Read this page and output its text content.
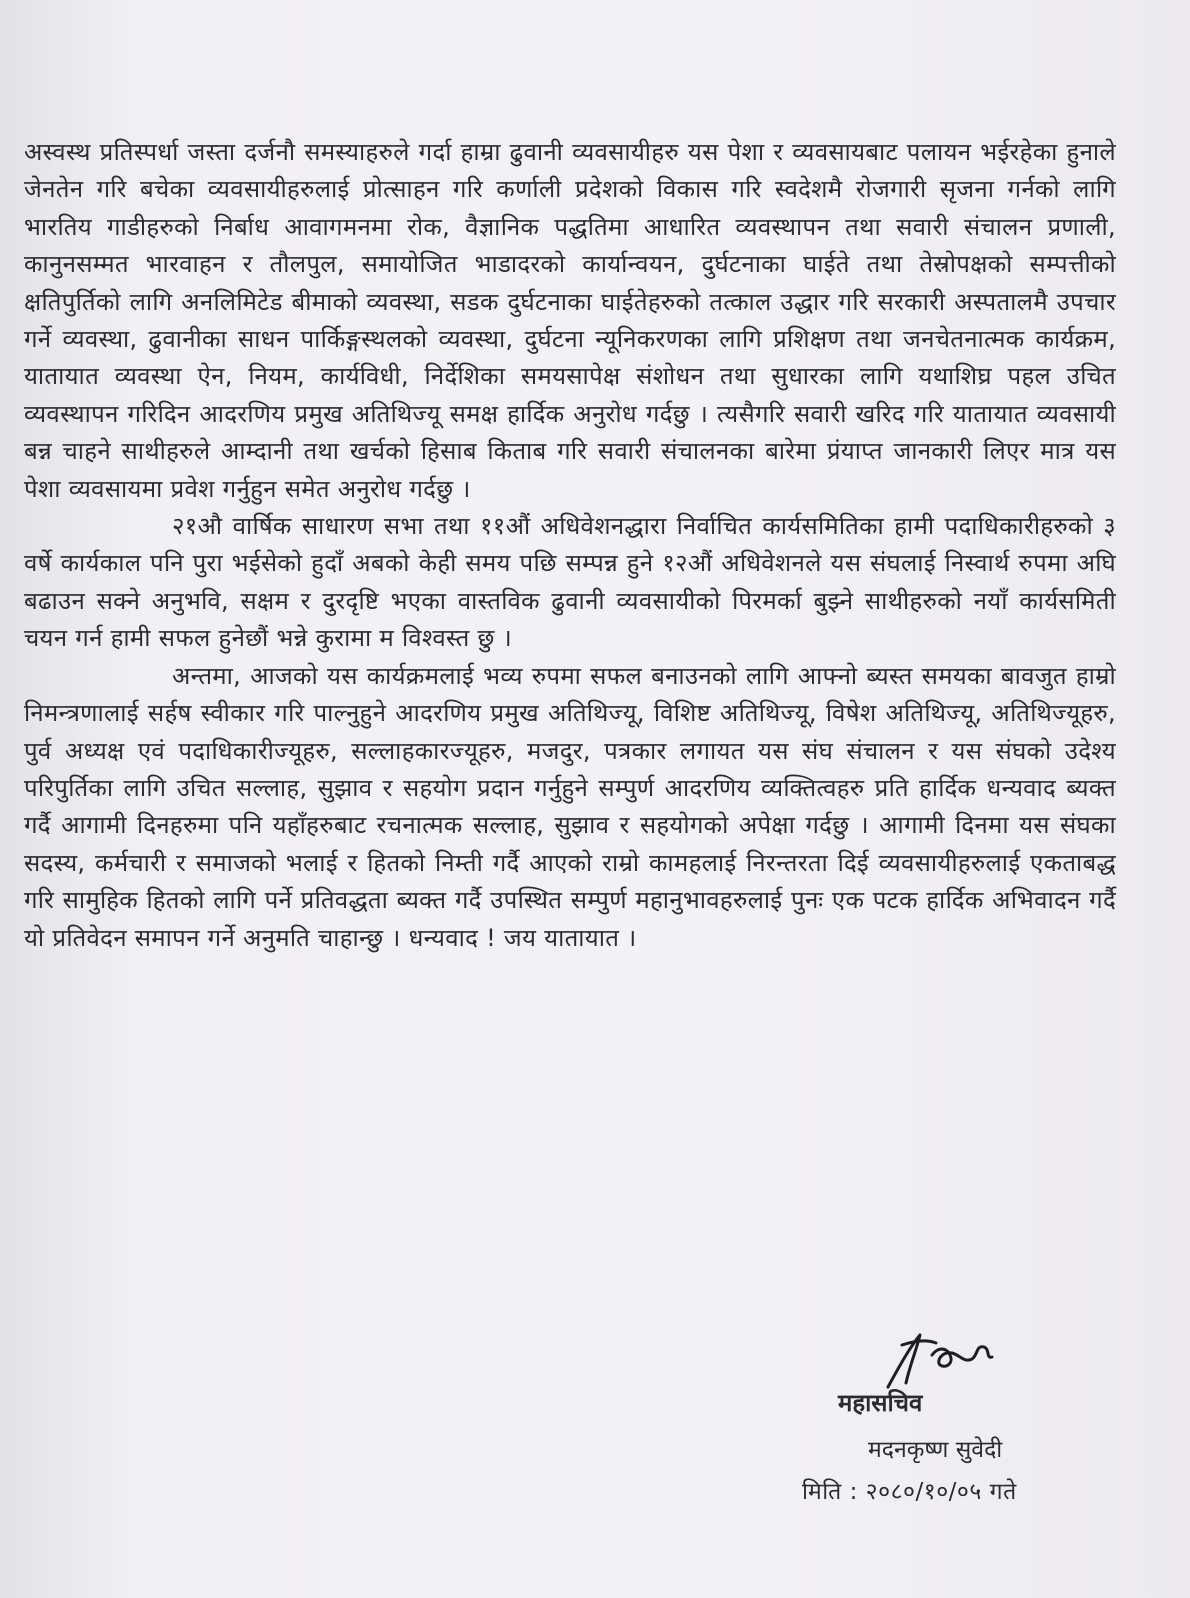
अस्वस्थ प्रतिस्पर्धा जस्ता दर्जनौ समस्याहरुले गर्दा हाम्रा ढुवानी व्यवसायीहरु यस पेशा र व्यवसायबाट पलायन भईरहेका हुनाले जेनतेन गरि बचेका व्यवसायीहरुलाई प्रोत्साहन गरि कर्णाली प्रदेशको विकास गरि स्वदेशमै रोजगारी सृजना गर्नको लागि भारतिय गाडीहरुको निर्बाध आवागमनमा रोक, वैज्ञानिक पद्धतिमा आधारित व्यवस्थापन तथा सवारी संचालन प्रणाली, कानुनसम्मत भारवाहन र तौलपुल, समायोजित भाडादरको कार्यान्वयन, दुर्घटनाका घाईते तथा तेस्रोपक्षको सम्पत्तीको क्षतिपुर्तिको लागि अनलिमिटेड बीमाको व्यवस्था, सडक दुर्घटनाका घाईतेहरुको तत्काल उद्धार गरि सरकारी अस्पतालमै उपचार गर्ने व्यवस्था, ढुवानीका साधन पार्किङ्गस्थलको व्यवस्था, दुर्घटना न्यूनिकरणका लागि प्रशिक्षण तथा जनचेतनात्मक कार्यक्रम, यातायात व्यवस्था ऐन, नियम, कार्यविधी, निर्देशिका समयसापेक्ष संशोधन तथा सुधारका लागि यथाशिघ्र पहल उचित व्यवस्थापन गरिदिन आदरणिय प्रमुख अतिथिज्यू समक्ष हार्दिक अनुरोध गर्दछु । त्यसैगरि सवारी खरिद गरि यातायात व्यवसायी बन्न चाहने साथीहरुले आम्दानी तथा खर्चको हिसाब किताब गरि सवारी संचालनका बारेमा प्रंयाप्त जानकारी लिएर मात्र यस पेशा व्यवसायमा प्रवेश गर्नुहुन समेत अनुरोध गर्दछु ।

२१औ वार्षिक साधारण सभा तथा ११औं अधिवेशनद्धारा निर्वाचित कार्यसमितिका हामी पदाधिकारीहरुको ३ वर्षे कार्यकाल पनि पुरा भईसेको हुदाँ अबको केही समय पछि सम्पन्न हुने १२औं अधिवेशनले यस संघलाई निस्वार्थ रुपमा अघि बढाउन सक्ने अनुभवि, सक्षम र दुरदृष्टि भएका वास्तविक ढुवानी व्यवसायीको पिरमर्का बुझ्ने साथीहरुको नयाँ कार्यसमिती चयन गर्न हामी सफल हुनेछौं भन्ने कुरामा म विश्वस्त छु ।

अन्तमा, आजको यस कार्यक्रमलाई भव्य रुपमा सफल बनाउनको लागि आफ्नो ब्यस्त समयका बावजुत हाम्रो निमन्त्रणालाई सर्हष स्वीकार गरि पाल्नुहुने आदरणिय प्रमुख अतिथिज्यू, विशिष्ट अतिथिज्यू, विषेश अतिथिज्यू, अतिथिज्यूहरु, पुर्व अध्यक्ष एवं पदाधिकारीज्यूहरु, सल्लाहकारज्यूहरु, मजदुर, पत्रकार लगायत यस संघ संचालन र यस संघको उदेश्य परिपुर्तिका लागि उचित सल्लाह, सुझाव र सहयोग प्रदान गर्नुहुने सम्पुर्ण आदरणिय व्यक्तित्वहरु प्रति हार्दिक धन्यवाद ब्यक्त गर्दै आगामी दिनहरुमा पनि यहाँहरुबाट रचनात्मक सल्लाह, सुझाव र सहयोगको अपेक्षा गर्दछु । आगामी दिनमा यस संघका सदस्य, कर्मचारी र समाजको भलाई र हितको निम्ती गर्दै आएको राम्रो कामहलाई निरन्तरता दिई व्यवसायीहरुलाई एकताबद्ध गरि सामुहिक हितको लागि पर्ने प्रतिवद्धता ब्यक्त गर्दै उपस्थित सम्पुर्ण महानुभावहरुलाई पुनः एक पटक हार्दिक अभिवादन गर्दै यो प्रतिवेदन समापन गर्ने अनुमति चाहान्छु । धन्यवाद ! जय यातायात ।

महासचिव
मदनकृष्ण सुवेदी
मिति : २०८०/१०/०५ गते
